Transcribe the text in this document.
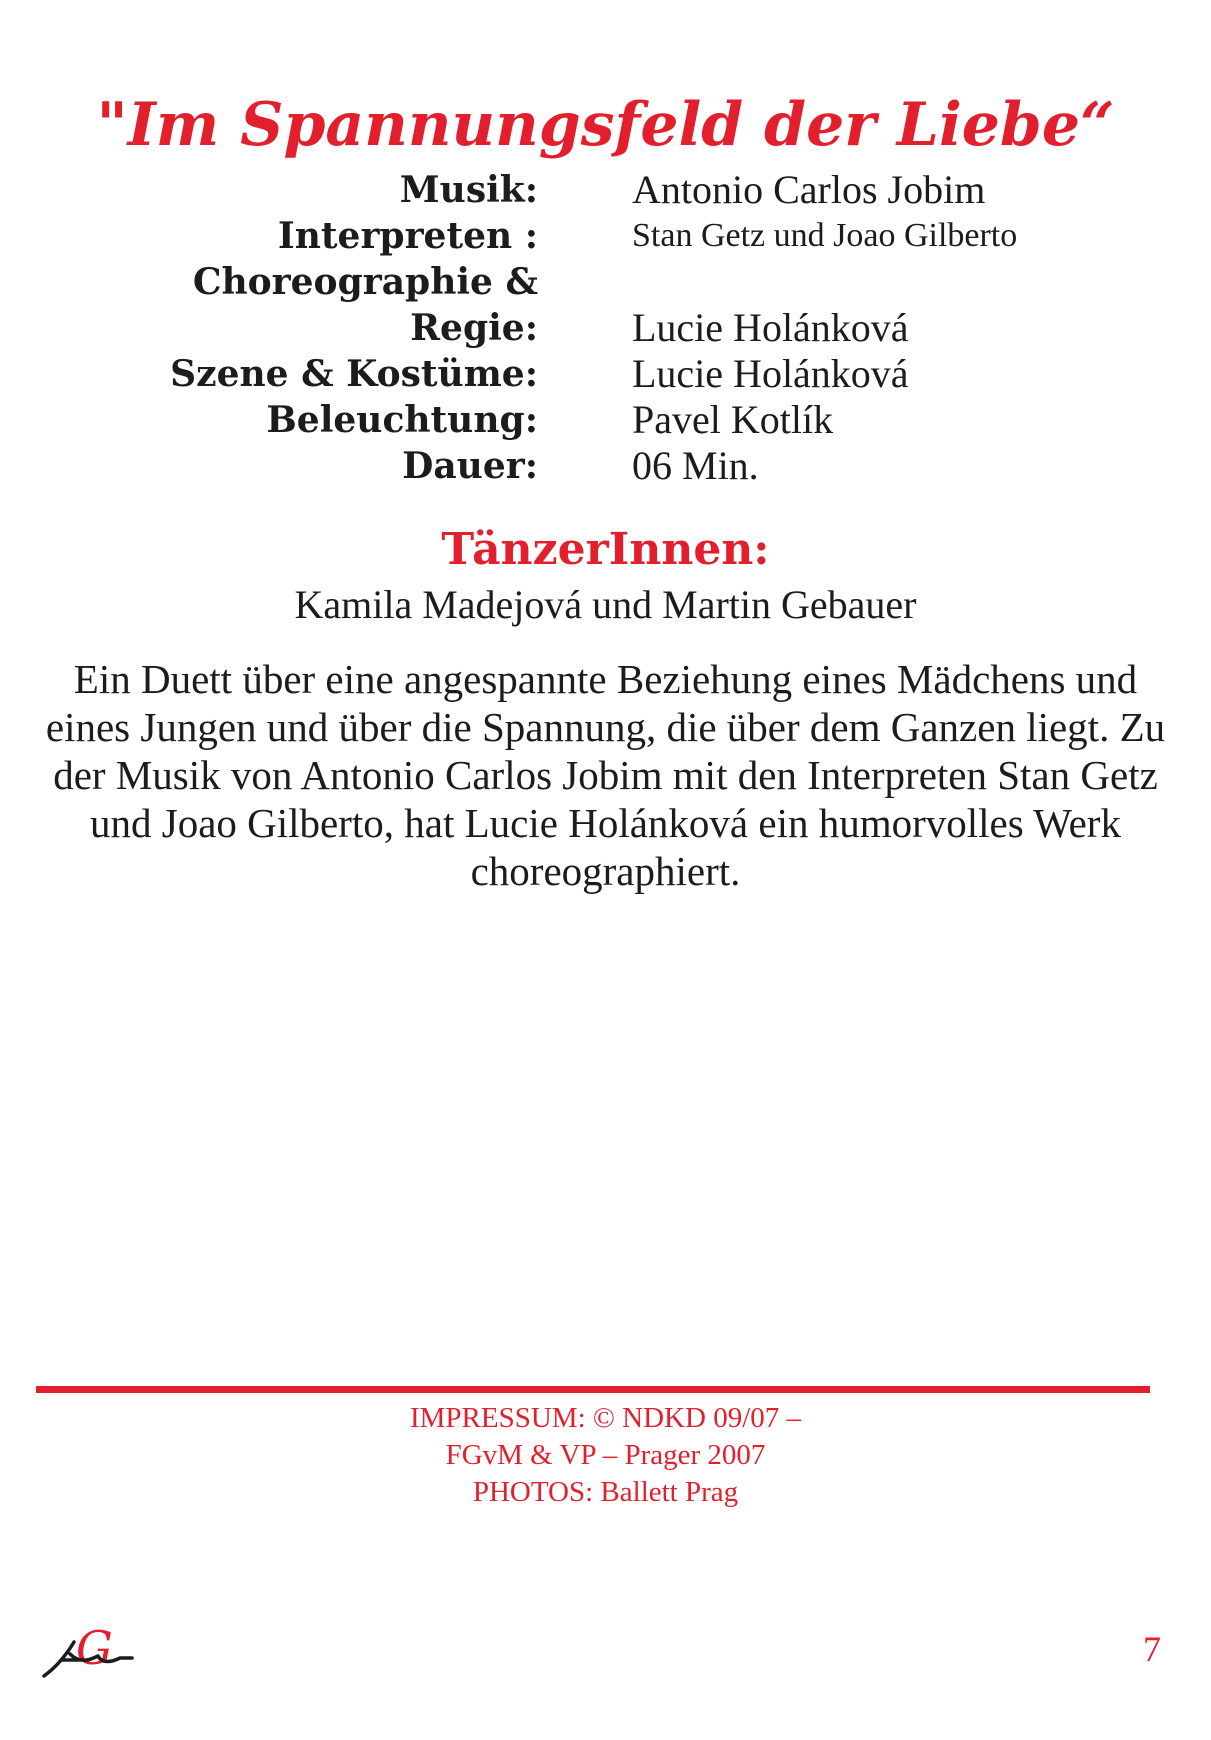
"Im Spannungsfeld der Liebe“
Musik: Antonio Carlos Jobim
Interpreten :	Stan Getz und Joao Gilberto
Choreographie &
Regie: Lucie Holánková
Szene & Kostüme: Lucie Holánková
Beleuchtung: Pavel Kotlík
Dauer: 06 Min.
TänzerInnen:
Kamila Madejová und Martin Gebauer

Ein Duett über eine angespannte Beziehung eines Mädchens und eines Jungen und über die Spannung, die über dem Ganzen liegt. Zu der Musik von Antonio Carlos Jobim mit den Interpreten Stan Getz und Joao Gilberto, hat Lucie Holánková ein humorvolles Werk choreographiert.

IMPRESSUM: © NDKD 09/07 –
FGvM & VP – Prager 2007
PHOTOS: Ballett Prag
G	7
